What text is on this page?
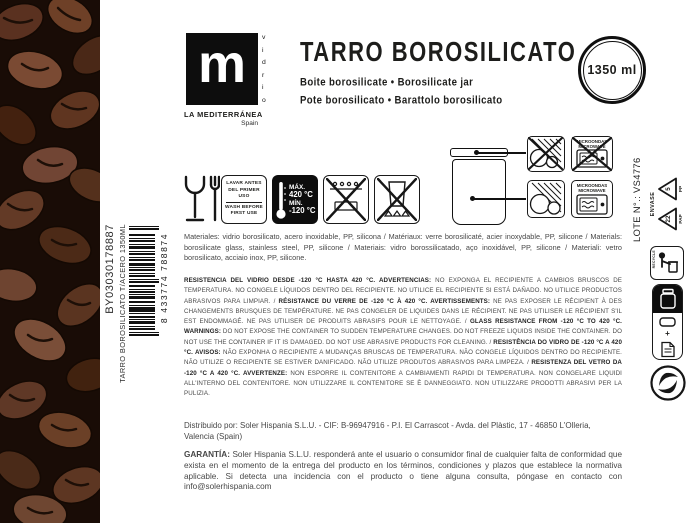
BY03030178887 TARRO BOROSILICATO T/ACERO 1350ML	8 433774 788874
m v
i
d
r
i
o
LA MEDITERRÁNEA
Spain
TARRO BOROSILICATO
Boite borosilicate • Borosilicate jar
Pote borosilicato • Barattolo borosilicato
1350 ml
LAVAR ANTES DEL PRIMER USO
WASH BEFORE FIRST USE
MÁX.
420 °C
MÍN.
-120 °C
MICROONDAS
MICROWAVE
MICROONDAS
MICROWAVE	LOTE N°.: VS4776	ENVASE
22 PAP
5 PP
RECYCLE
+
Materiales: vidrio borosilicato, acero inoxidable, PP, silicona / Matériaux: verre borosilicaté, acier inoxydable, PP, silicone / Materials: borosilicate glass, stainless steel, PP, silicone / Materiais: vidro borossilicatado, aço inoxidável, PP, silicone / Materiali: vetro borosilicato, acciaio inox, PP, silicone.
RESISTENCIA DEL VIDRIO DESDE -120 °C HASTA 420 °C. ADVERTENCIAS: NO EXPONGA EL RECIPIENTE A CAMBIOS BRUSCOS DE TEMPERATURA. NO CONGELE LÍQUIDOS DENTRO DEL RECIPIENTE. NO UTILICE EL RECIPIENTE SI ESTÁ DAÑADO. NO UTILICE PRODUCTOS ABRASIVOS PARA LIMPIAR. / RÉSISTANCE DU VERRE DE -120 °C À 420 °C. AVERTISSEMENTS: NE PAS EXPOSER LE RÉCIPIENT À DES CHANGEMENTS BRUSQUES DE TEMPÉRATURE. NE PAS CONGELER DE LIQUIDES DANS LE RÉCIPIENT. NE PAS UTILISER LE RÉCIPIENT S'IL EST ENDOMMAGÉ. NE PAS UTILISER DE PRODUITS ABRASIFS POUR LE NETTOYAGE. / GLASS RESISTANCE FROM -120 °C TO 420 °C. WARNINGS: DO NOT EXPOSE THE CONTAINER TO SUDDEN TEMPERATURE CHANGES. DO NOT FREEZE LIQUIDS INSIDE THE CONTAINER. DO NOT USE THE CONTAINER IF IT IS DAMAGED. DO NOT USE ABRASIVE PRODUCTS FOR CLEANING. / RESISTÊNCIA DO VIDRO DE -120 °C A 420 °C. AVISOS: NÃO EXPONHA O RECIPIENTE A MUDANÇAS BRUSCAS DE TEMPERATURA. NÃO CONGELE LÍQUIDOS DENTRO DO RECIPIENTE. NÃO UTILIZE O RECIPIENTE SE ESTIVER DANIFICADO. NÃO UTILIZE PRODUTOS ABRASIVOS PARA LIMPEZA. / RESISTENZA DEL VETRO DA -120 °C A 420 °C. AVVERTENZE: NON ESPORRE IL CONTENITORE A CAMBIAMENTI RAPIDI DI TEMPERATURA. NON CONGELARE LIQUIDI ALL'INTERNO DEL CONTENITORE. NON UTILIZZARE IL CONTENITORE SE È DANNEGGIATO. NON UTILIZZARE PRODOTTI ABRASIVI PER LA PULIZIA.
Distribuido por: Soler Hispania S.L.U. - CIF: B-96947916 - P.I. El Carrascot - Avda. del Plàstic, 17 - 46850 L'Olleria, Valencia (Spain)
GARANTÍA: Soler Hispania S.L.U. responderá ante el usuario o consumidor final de cualquier falta de conformidad que exista en el momento de la entrega del producto en los términos, condiciones y plazos que establece la normativa aplicable. Si detecta una incidencia con el producto o tiene alguna consulta, póngase en contacto con info@solerhispania.com
